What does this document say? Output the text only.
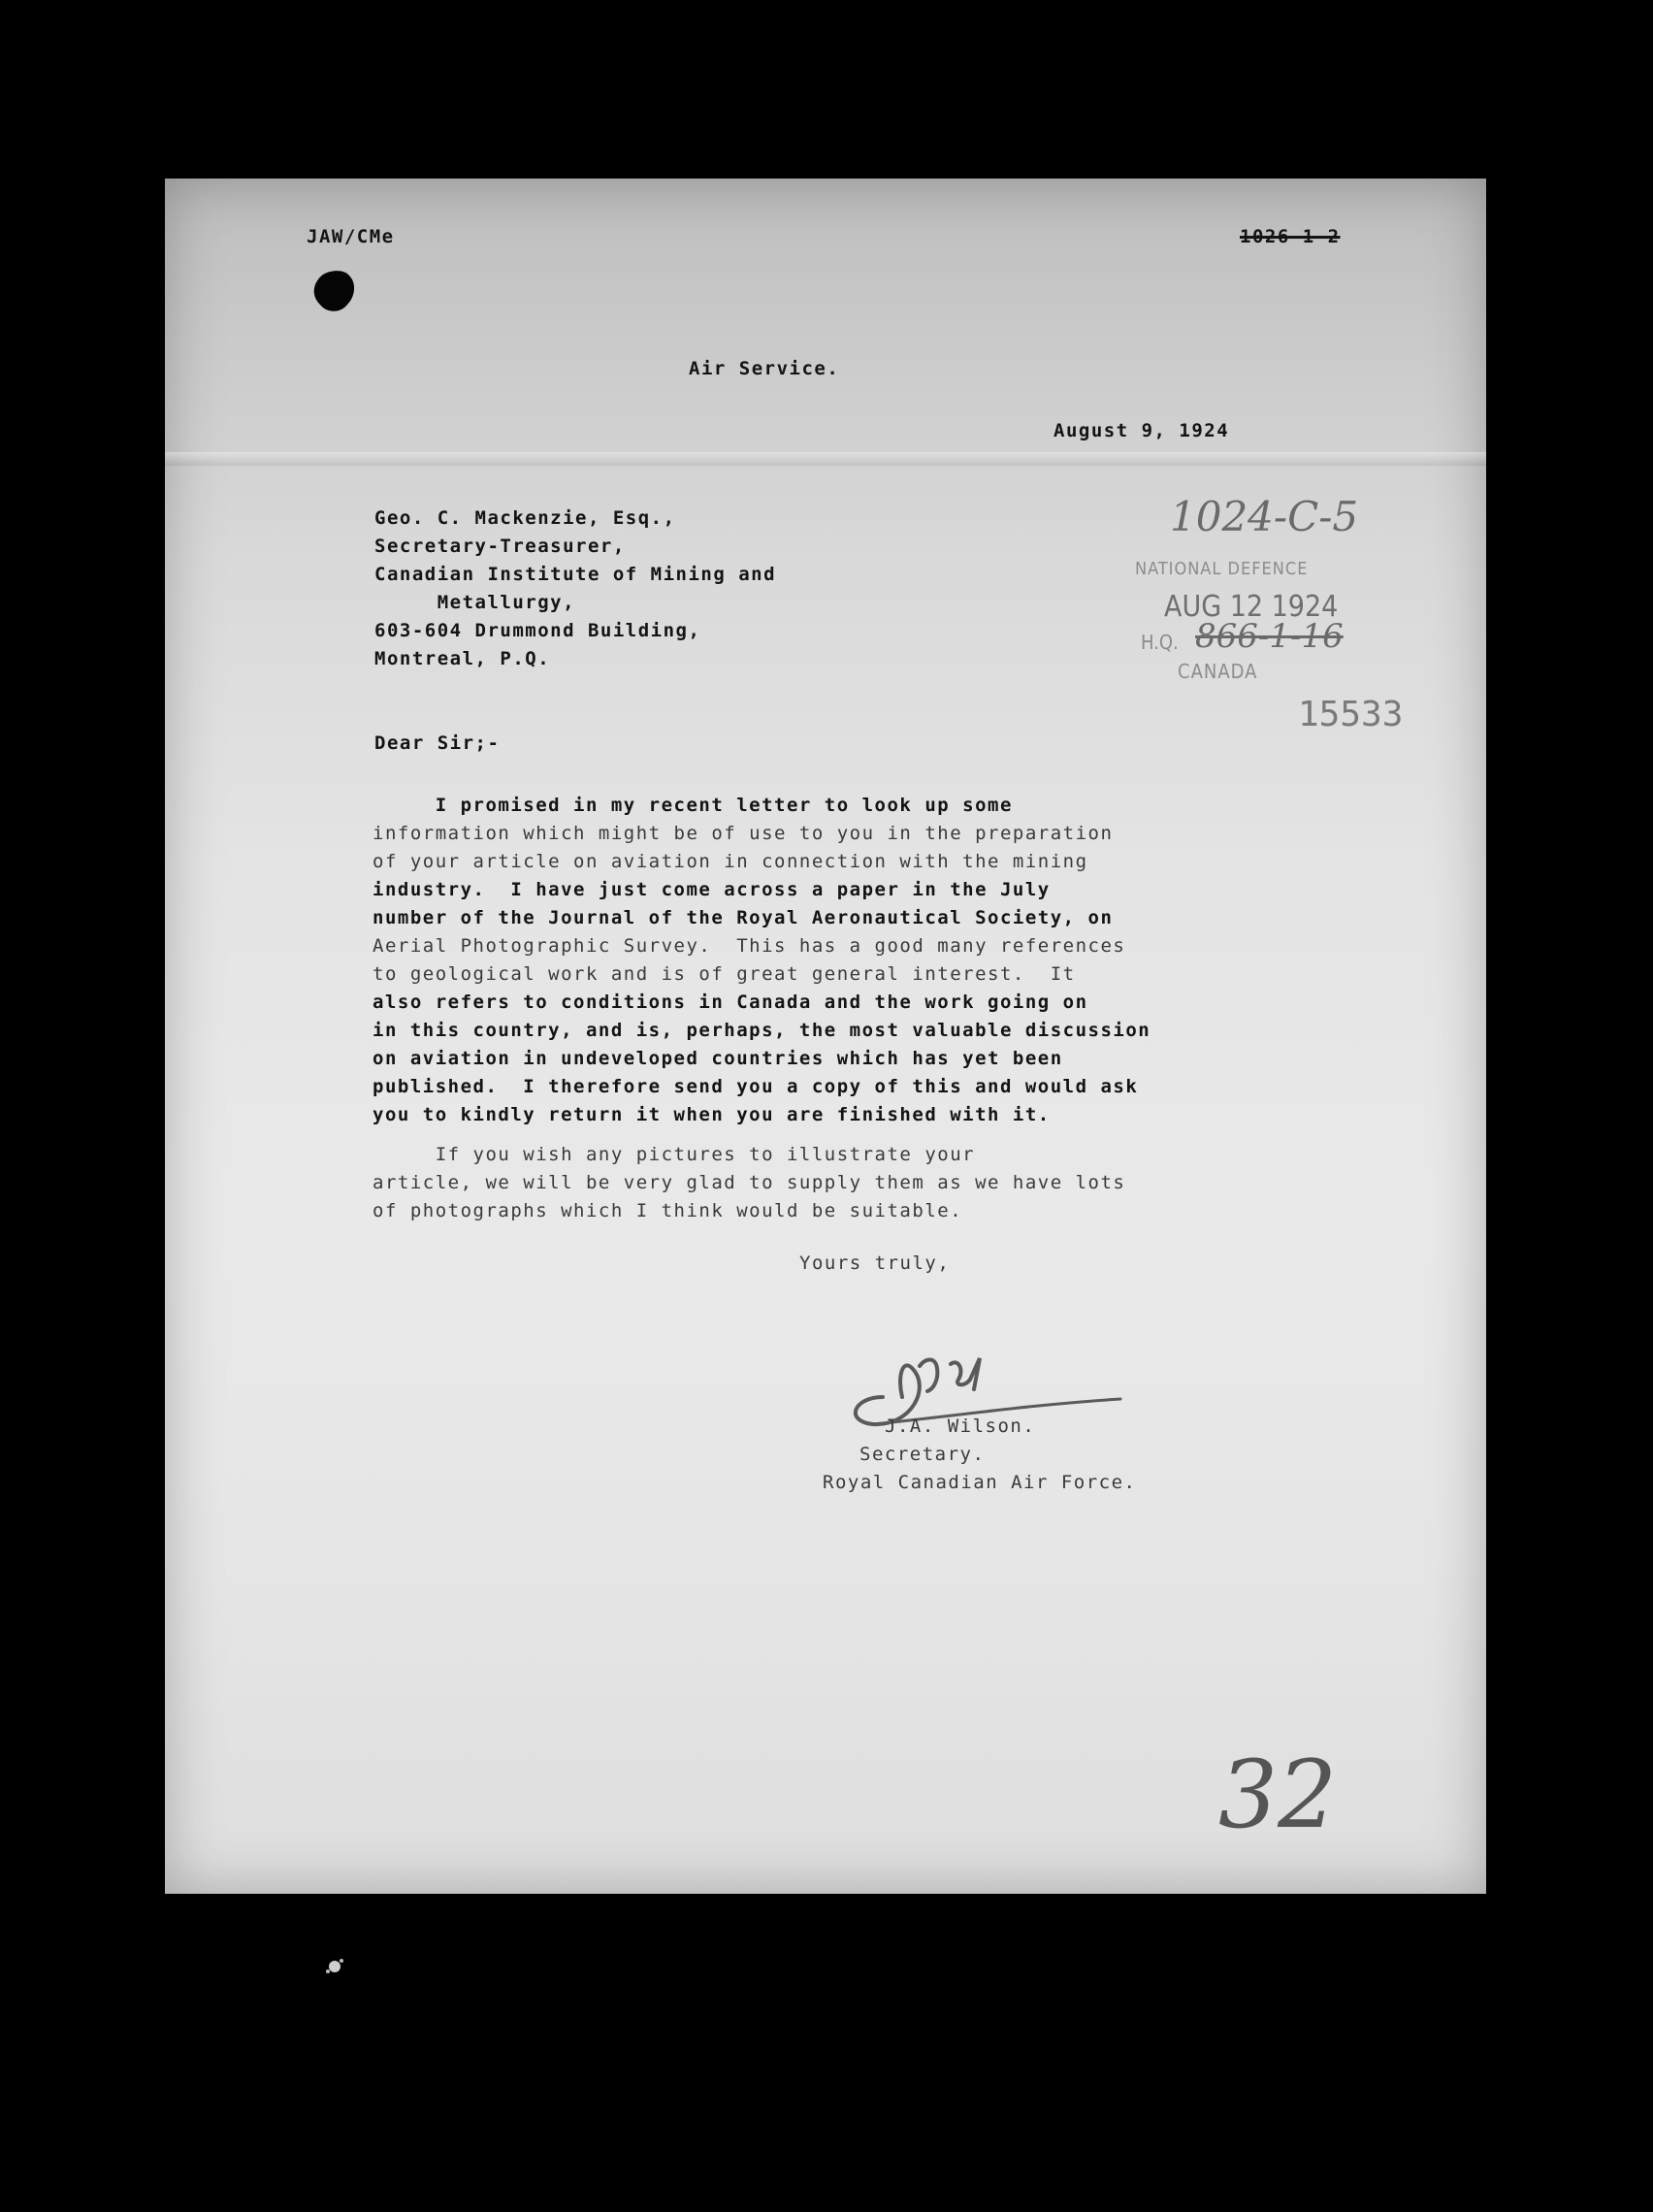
JAW/CMe	1026-1-2
Air Service.
August 9, 1924
Geo. C. Mackenzie, Esq.,
Secretary-Treasurer,
Canadian Institute of Mining and
Metallurgy,
603-604 Drummond Building,
Montreal, P.Q.
1024-C-5
NATIONAL DEFENCE
AUG 12 1924
H.Q. 866-1-16
CANADA
15533
Dear Sir;-
I promised in my recent letter to look up some
information which might be of use to you in the preparation
of your article on aviation in connection with the mining
industry.  I have just come across a paper in the July
number of the Journal of the Royal Aeronautical Society, on
Aerial Photographic Survey.  This has a good many references
to geological work and is of great general interest.  It
also refers to conditions in Canada and the work going on
in this country, and is, perhaps, the most valuable discussion
on aviation in undeveloped countries which has yet been
published.  I therefore send you a copy of this and would ask
you to kindly return it when you are finished with it.
If you wish any pictures to illustrate your
article, we will be very glad to supply them as we have lots
of photographs which I think would be suitable.
Yours truly,
J.A. Wilson.
Secretary.
Royal Canadian Air Force.
32
